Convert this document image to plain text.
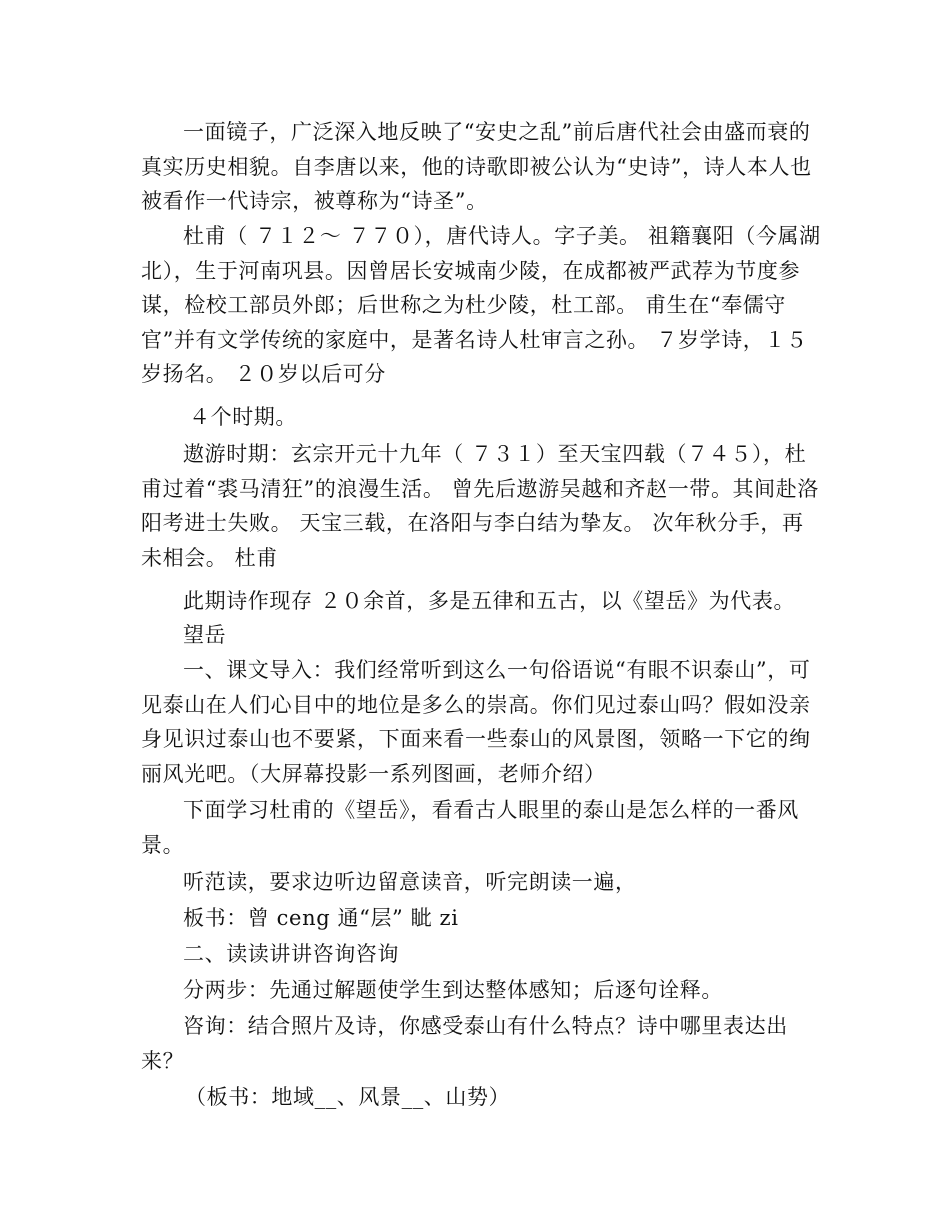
一面镜子，广泛深入地反映了“安史之乱”前后唐代社会由盛而衰的真实历史相貌。自李唐以来，他的诗歌即被公认为“史诗”，诗人本人也被看作一代诗宗，被尊称为“诗圣”。

杜甫（ ７１２～ ７７０），唐代诗人。字子美。 祖籍襄阳（今属湖北），生于河南巩县。因曾居长安城南少陵，在成都被严武荐为节度参谋，检校工部员外郎；后世称之为杜少陵，杜工部。 甫生在“奉儒守官”并有文学传统的家庭中，是著名诗人杜审言之孙。 ７岁学诗，１５岁扬名。 ２０岁以后可分

４个时期。

遨游时期：玄宗开元十九年（ ７３１）至天宝四载（７４５），杜甫过着“裘马清狂”的浪漫生活。 曾先后遨游吴越和齐赵一带。其间赴洛阳考进士失败。 天宝三载，在洛阳与李白结为挚友。 次年秋分手，再未相会。 杜甫

此期诗作现存 ２０余首，多是五律和五古，以《望岳》为代表。

望岳

一、课文导入：我们经常听到这么一句俗语说“有眼不识泰山”，可见泰山在人们心目中的地位是多么的崇高。你们见过泰山吗？假如没亲身见识过泰山也不要紧，下面来看一些泰山的风景图，领略一下它的绚丽风光吧。（大屏幕投影一系列图画，老师介绍）

下面学习杜甫的《望岳》，看看古人眼里的泰山是怎么样的一番风景。

听范读，要求边听边留意读音，听完朗读一遍，

板书：曾 ceng 通“层” 眦 zi

二、读读讲讲咨询咨询

分两步：先通过解题使学生到达整体感知；后逐句诠释。

咨询：结合照片及诗，你感受泰山有什么特点？诗中哪里表达出来？

（板书：地域__、风景__、山势）
